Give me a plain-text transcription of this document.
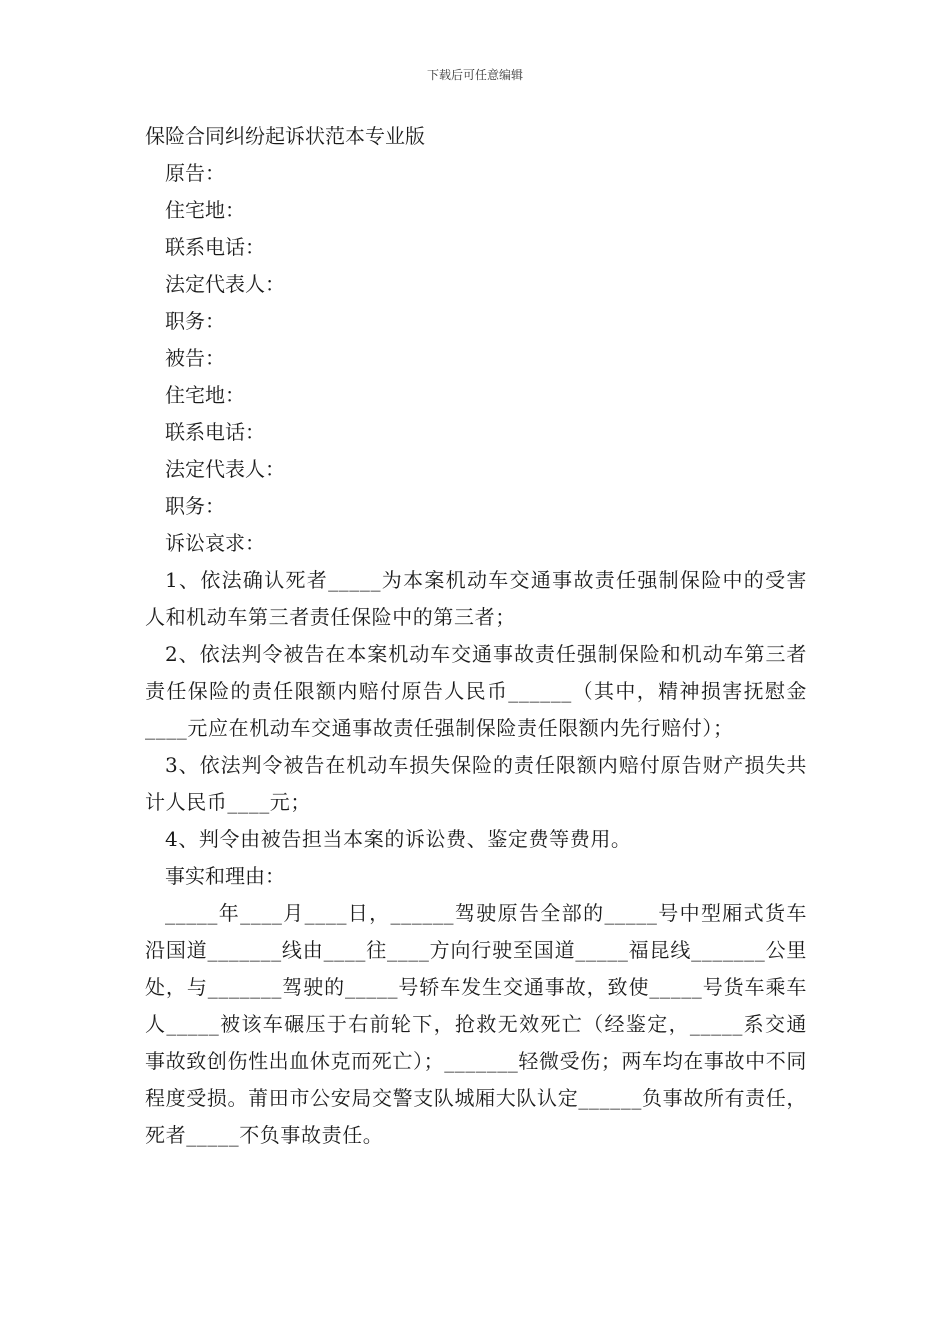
下载后可任意编辑
保险合同纠纷起诉状范本专业版
原告：
住宅地：
联系电话：
法定代表人：
职务：
被告：
住宅地：
联系电话：
法定代表人：
职务：
诉讼哀求：

1、依法确认死者_____为本案机动车交通事故责任强制保险中的受害人和机动车第三者责任保险中的第三者；

2、依法判令被告在本案机动车交通事故责任强制保险和机动车第三者责任保险的责任限额内赔付原告人民币______（其中，精神损害抚慰金____元应在机动车交通事故责任强制保险责任限额内先行赔付）；

3、依法判令被告在机动车损失保险的责任限额内赔付原告财产损失共计人民币____元；

4、判令由被告担当本案的诉讼费、鉴定费等费用。

事实和理由：

_____年____月____日，______驾驶原告全部的_____号中型厢式货车沿国道_______线由____往____方向行驶至国道_____福昆线_______公里处，与_______驾驶的_____号轿车发生交通事故，致使_____号货车乘车人_____被该车碾压于右前轮下，抢救无效死亡（经鉴定，_____系交通事故致创伤性出血休克而死亡）；_______轻微受伤；两车均在事故中不同程度受损。莆田市公安局交警支队城厢大队认定______负事故所有责任，死者_____不负事故责任。
